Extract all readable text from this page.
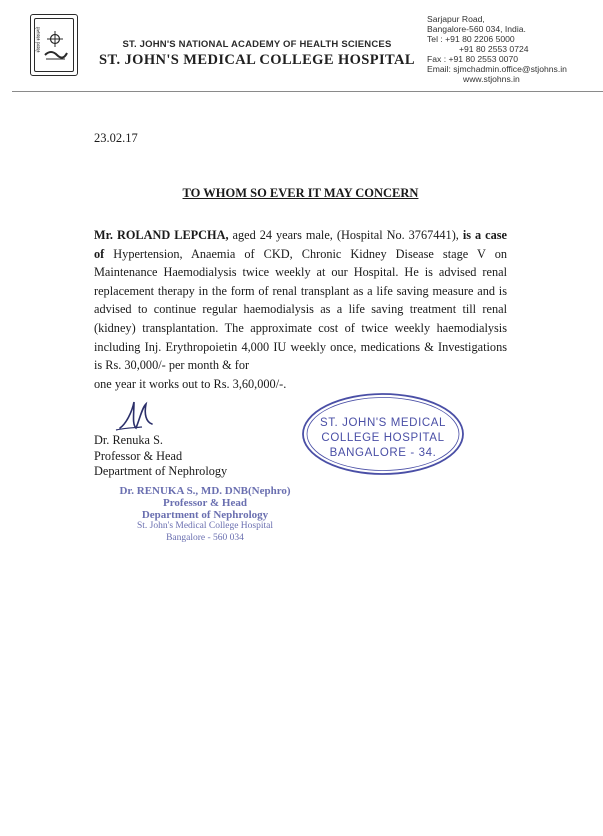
सेवार्थ संकल्पो	ST. JOHN'S NATIONAL ACADEMY OF HEALTH SCIENCES
ST. JOHN'S MEDICAL COLLEGE HOSPITAL
Sarjapur Road,
Bangalore-560 034, India.
Tel : +91 80 2206 5000
+91 80 2553 0724
Fax : +91 80 2553 0070
Email: sjmchadmin.office@stjohns.in
www.stjohns.in
23.02.17
TO WHOM SO EVER IT MAY CONCERN
Mr. ROLAND LEPCHA, aged 24 years male, (Hospital No. 3767441), is a case of Hypertension, Anaemia of CKD, Chronic Kidney Disease stage V on Maintenance Haemodialysis twice weekly at our Hospital. He is advised renal replacement therapy in the form of renal transplant as a life saving measure and is advised to continue regular haemodialysis as a life saving treatment till renal (kidney) transplantation. The approximate cost of twice weekly haemodialysis including Inj. Erythropoietin 4,000 IU weekly once, medications & Investigations is Rs. 30,000/- per month & for
one year it works out to Rs. 3,60,000/-.
Dr. Renuka S.
Professor & Head
Department of Nephrology
Dr. RENUKA S., MD. DNB(Nephro)
Professor & Head
Department of Nephrology
St. John's Medical College Hospital
Bangalore - 560 034
ST. JOHN'S MEDICAL
COLLEGE HOSPITAL
BANGALORE - 34.
